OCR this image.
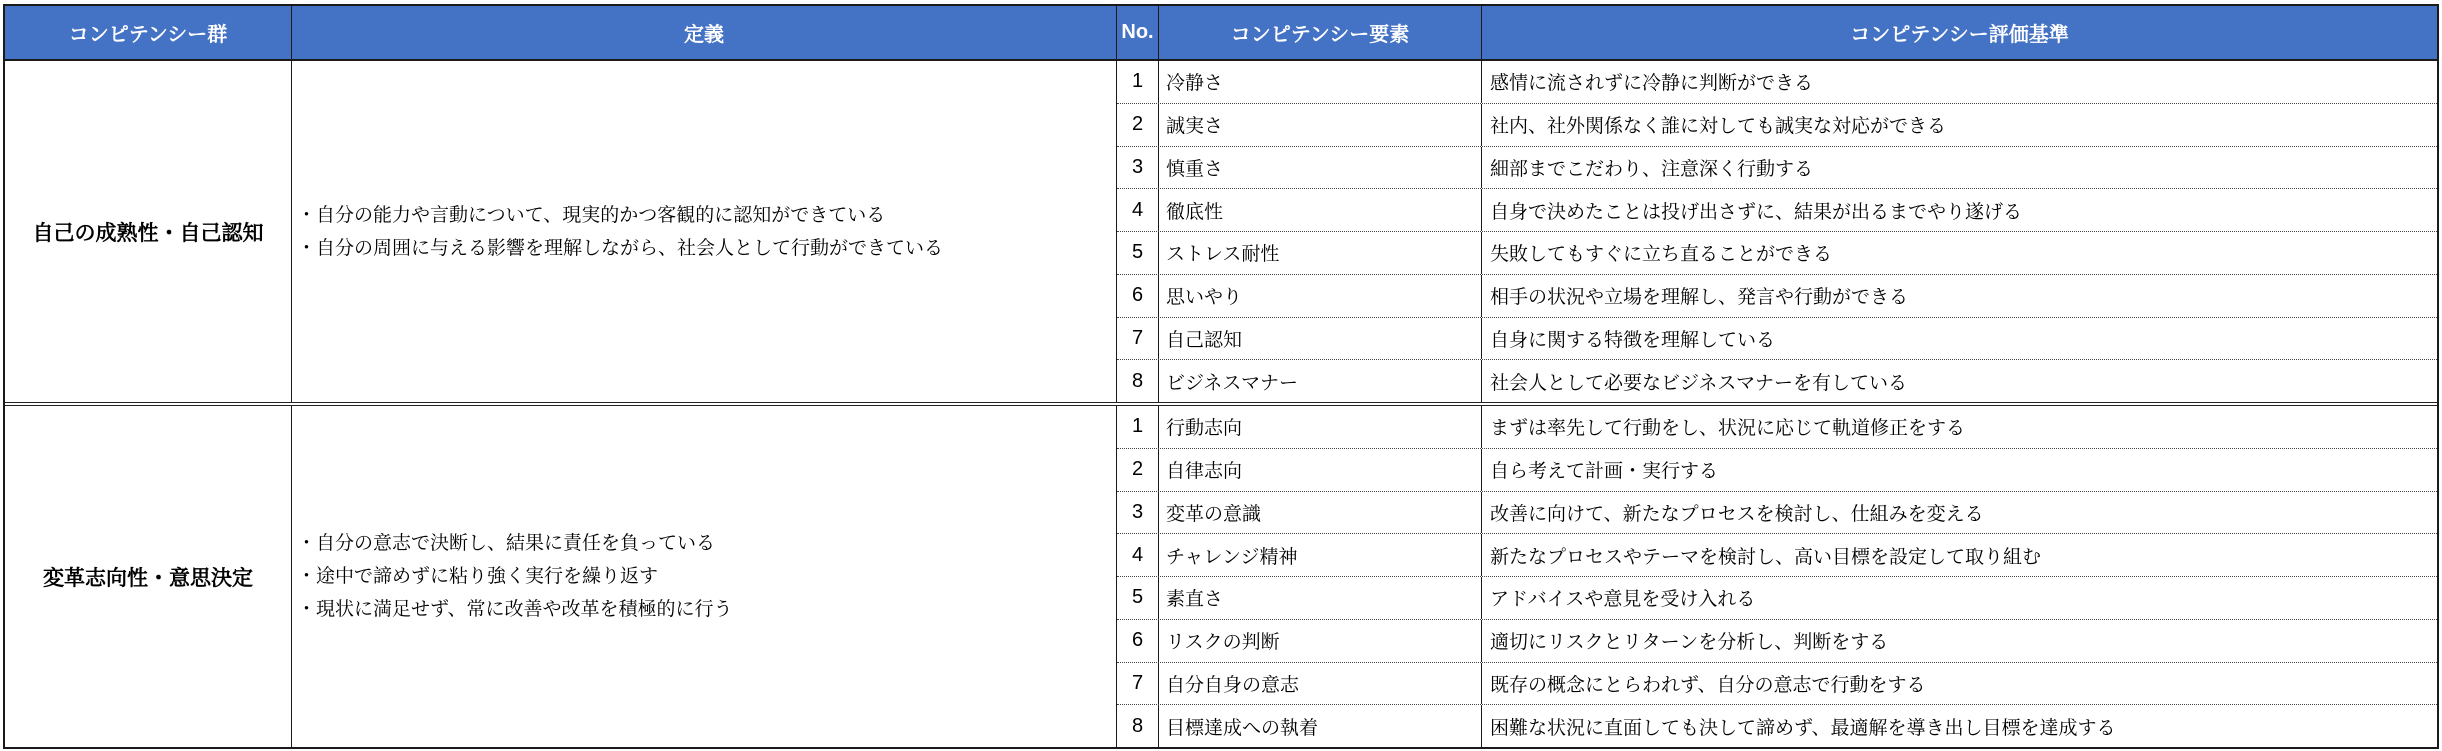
コンピテンシー群	定義	No.	コンピテンシー要素	コンピテンシー評価基準
自己の成熟性・自己認知
・自分の能力や言動について、現実的かつ客観的に認知ができている
・自分の周囲に与える影響を理解しながら、社会人として行動ができている
1	冷静さ	感情に流されずに冷静に判断ができる
2	誠実さ	社内、社外関係なく誰に対しても誠実な対応ができる
3	慎重さ	細部までこだわり、注意深く行動する
4	徹底性	自身で決めたことは投げ出さずに、結果が出るまでやり遂げる
5	ストレス耐性	失敗してもすぐに立ち直ることができる
6	思いやり	相手の状況や立場を理解し、発言や行動ができる
7	自己認知	自身に関する特徴を理解している
8	ビジネスマナー	社会人として必要なビジネスマナーを有している
変革志向性・意思決定
・自分の意志で決断し、結果に責任を負っている
・途中で諦めずに粘り強く実行を繰り返す
・現状に満足せず、常に改善や改革を積極的に行う
1	行動志向	まずは率先して行動をし、状況に応じて軌道修正をする
2	自律志向	自ら考えて計画・実行する
3	変革の意識	改善に向けて、新たなプロセスを検討し、仕組みを変える
4	チャレンジ精神	新たなプロセスやテーマを検討し、高い目標を設定して取り組む
5	素直さ	アドバイスや意見を受け入れる
6	リスクの判断	適切にリスクとリターンを分析し、判断をする
7	自分自身の意志	既存の概念にとらわれず、自分の意志で行動をする
8	目標達成への執着	困難な状況に直面しても決して諦めず、最適解を導き出し目標を達成する
